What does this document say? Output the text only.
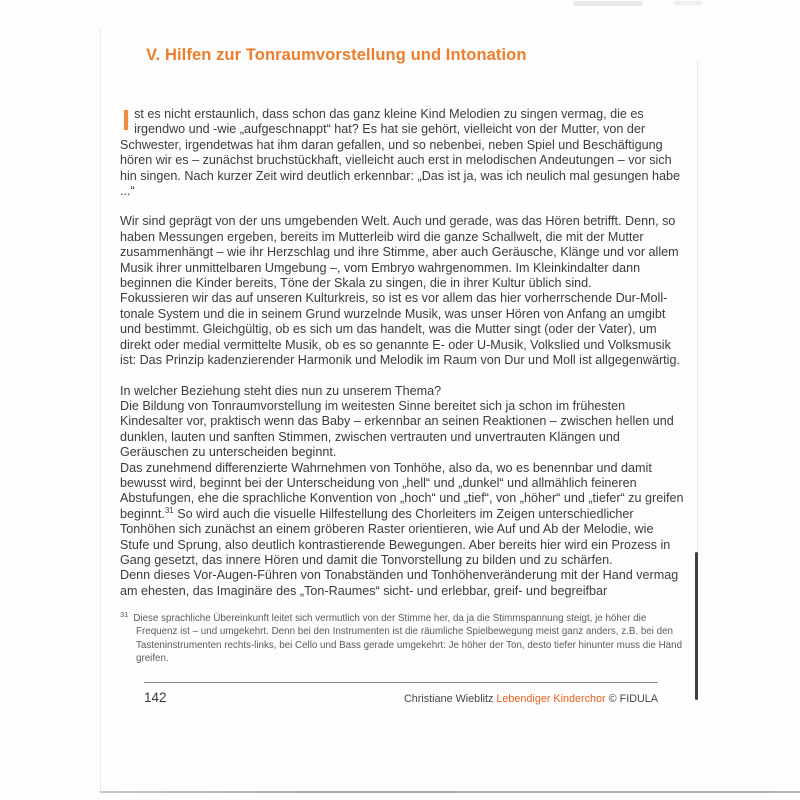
V. Hilfen zur Tonraumvorstellung und Intonation

Ist es nicht erstaunlich, dass schon das ganz kleine Kind Melodien zu singen vermag, die es irgendwo und -wie „aufgeschnappt“ hat? Es hat sie gehört, vielleicht von der Mutter, von der Schwester, irgendetwas hat ihm daran gefallen, und so nebenbei, neben Spiel und Beschäftigung hören wir es – zunächst bruchstückhaft, vielleicht auch erst in melodischen Andeutungen – vor sich hin singen. Nach kurzer Zeit wird deutlich erkennbar: „Das ist ja, was ich neulich mal gesungen habe ...“

Wir sind geprägt von der uns umgebenden Welt. Auch und gerade, was das Hören betrifft. Denn, so haben Messungen ergeben, bereits im Mutterleib wird die ganze Schallwelt, die mit der Mutter zusammenhängt – wie ihr Herzschlag und ihre Stimme, aber auch Geräusche, Klänge und vor allem Musik ihrer unmittelbaren Umgebung –, vom Embryo wahrgenommen. Im Kleinkindalter dann beginnen die Kinder bereits, Töne der Skala zu singen, die in ihrer Kultur üblich sind.

Fokussieren wir das auf unseren Kulturkreis, so ist es vor allem das hier vorherrschende Dur-Moll-tonale System und die in seinem Grund wurzelnde Musik, was unser Hören von Anfang an umgibt und bestimmt. Gleichgültig, ob es sich um das handelt, was die Mutter singt (oder der Vater), um direkt oder medial vermittelte Musik, ob es so genannte E- oder U-Musik, Volkslied und Volksmusik ist: Das Prinzip kadenzierender Harmonik und Melodik im Raum von Dur und Moll ist allgegenwärtig.

In welcher Beziehung steht dies nun zu unserem Thema?

Die Bildung von Tonraumvorstellung im weitesten Sinne bereitet sich ja schon im frühesten Kindesalter vor, praktisch wenn das Baby – erkennbar an seinen Reaktionen – zwischen hellen und dunklen, lauten und sanften Stimmen, zwischen vertrauten und unvertrauten Klängen und Geräuschen zu unterscheiden beginnt.

Das zunehmend differenzierte Wahrnehmen von Tonhöhe, also da, wo es benennbar und damit bewusst wird, beginnt bei der Unterscheidung von „hell“ und „dunkel“ und allmählich feineren Abstufungen, ehe die sprachliche Konvention von „hoch“ und „tief“, von „höher“ und „tiefer“ zu greifen beginnt.$^{31}$ So wird auch die visuelle Hilfestellung des Chorleiters im Zeigen unterschiedlicher Tonhöhen sich zunächst an einem gröberen Raster orientieren, wie Auf und Ab der Melodie, wie Stufe und Sprung, also deutlich kontrastierende Bewegungen. Aber bereits hier wird ein Prozess in Gang gesetzt, das innere Hören und damit die Tonvorstellung zu bilden und zu schärfen.

Denn dieses Vor-Augen-Führen von Tonabständen und Tonhöhenveränderung mit der Hand vermag am ehesten, das Imaginäre des „Ton-Raumes“ sicht- und erlebbar, greif- und begreifbar

$^{31}$ Diese sprachliche Übereinkunft leitet sich vermutlich von der Stimme her, da ja die Stimmspannung steigt, je höher die Frequenz ist – und umgekehrt. Denn bei den Instrumenten ist die räumliche Spielbewegung meist ganz anders, z.B. bei den Tasteninstrumenten rechts-links, bei Cello und Bass gerade umgekehrt: Je höher der Ton, desto tiefer hinunter muss die Hand greifen.
142	Christiane Wieblitz Lebendiger Kinderchor © FIDULA
